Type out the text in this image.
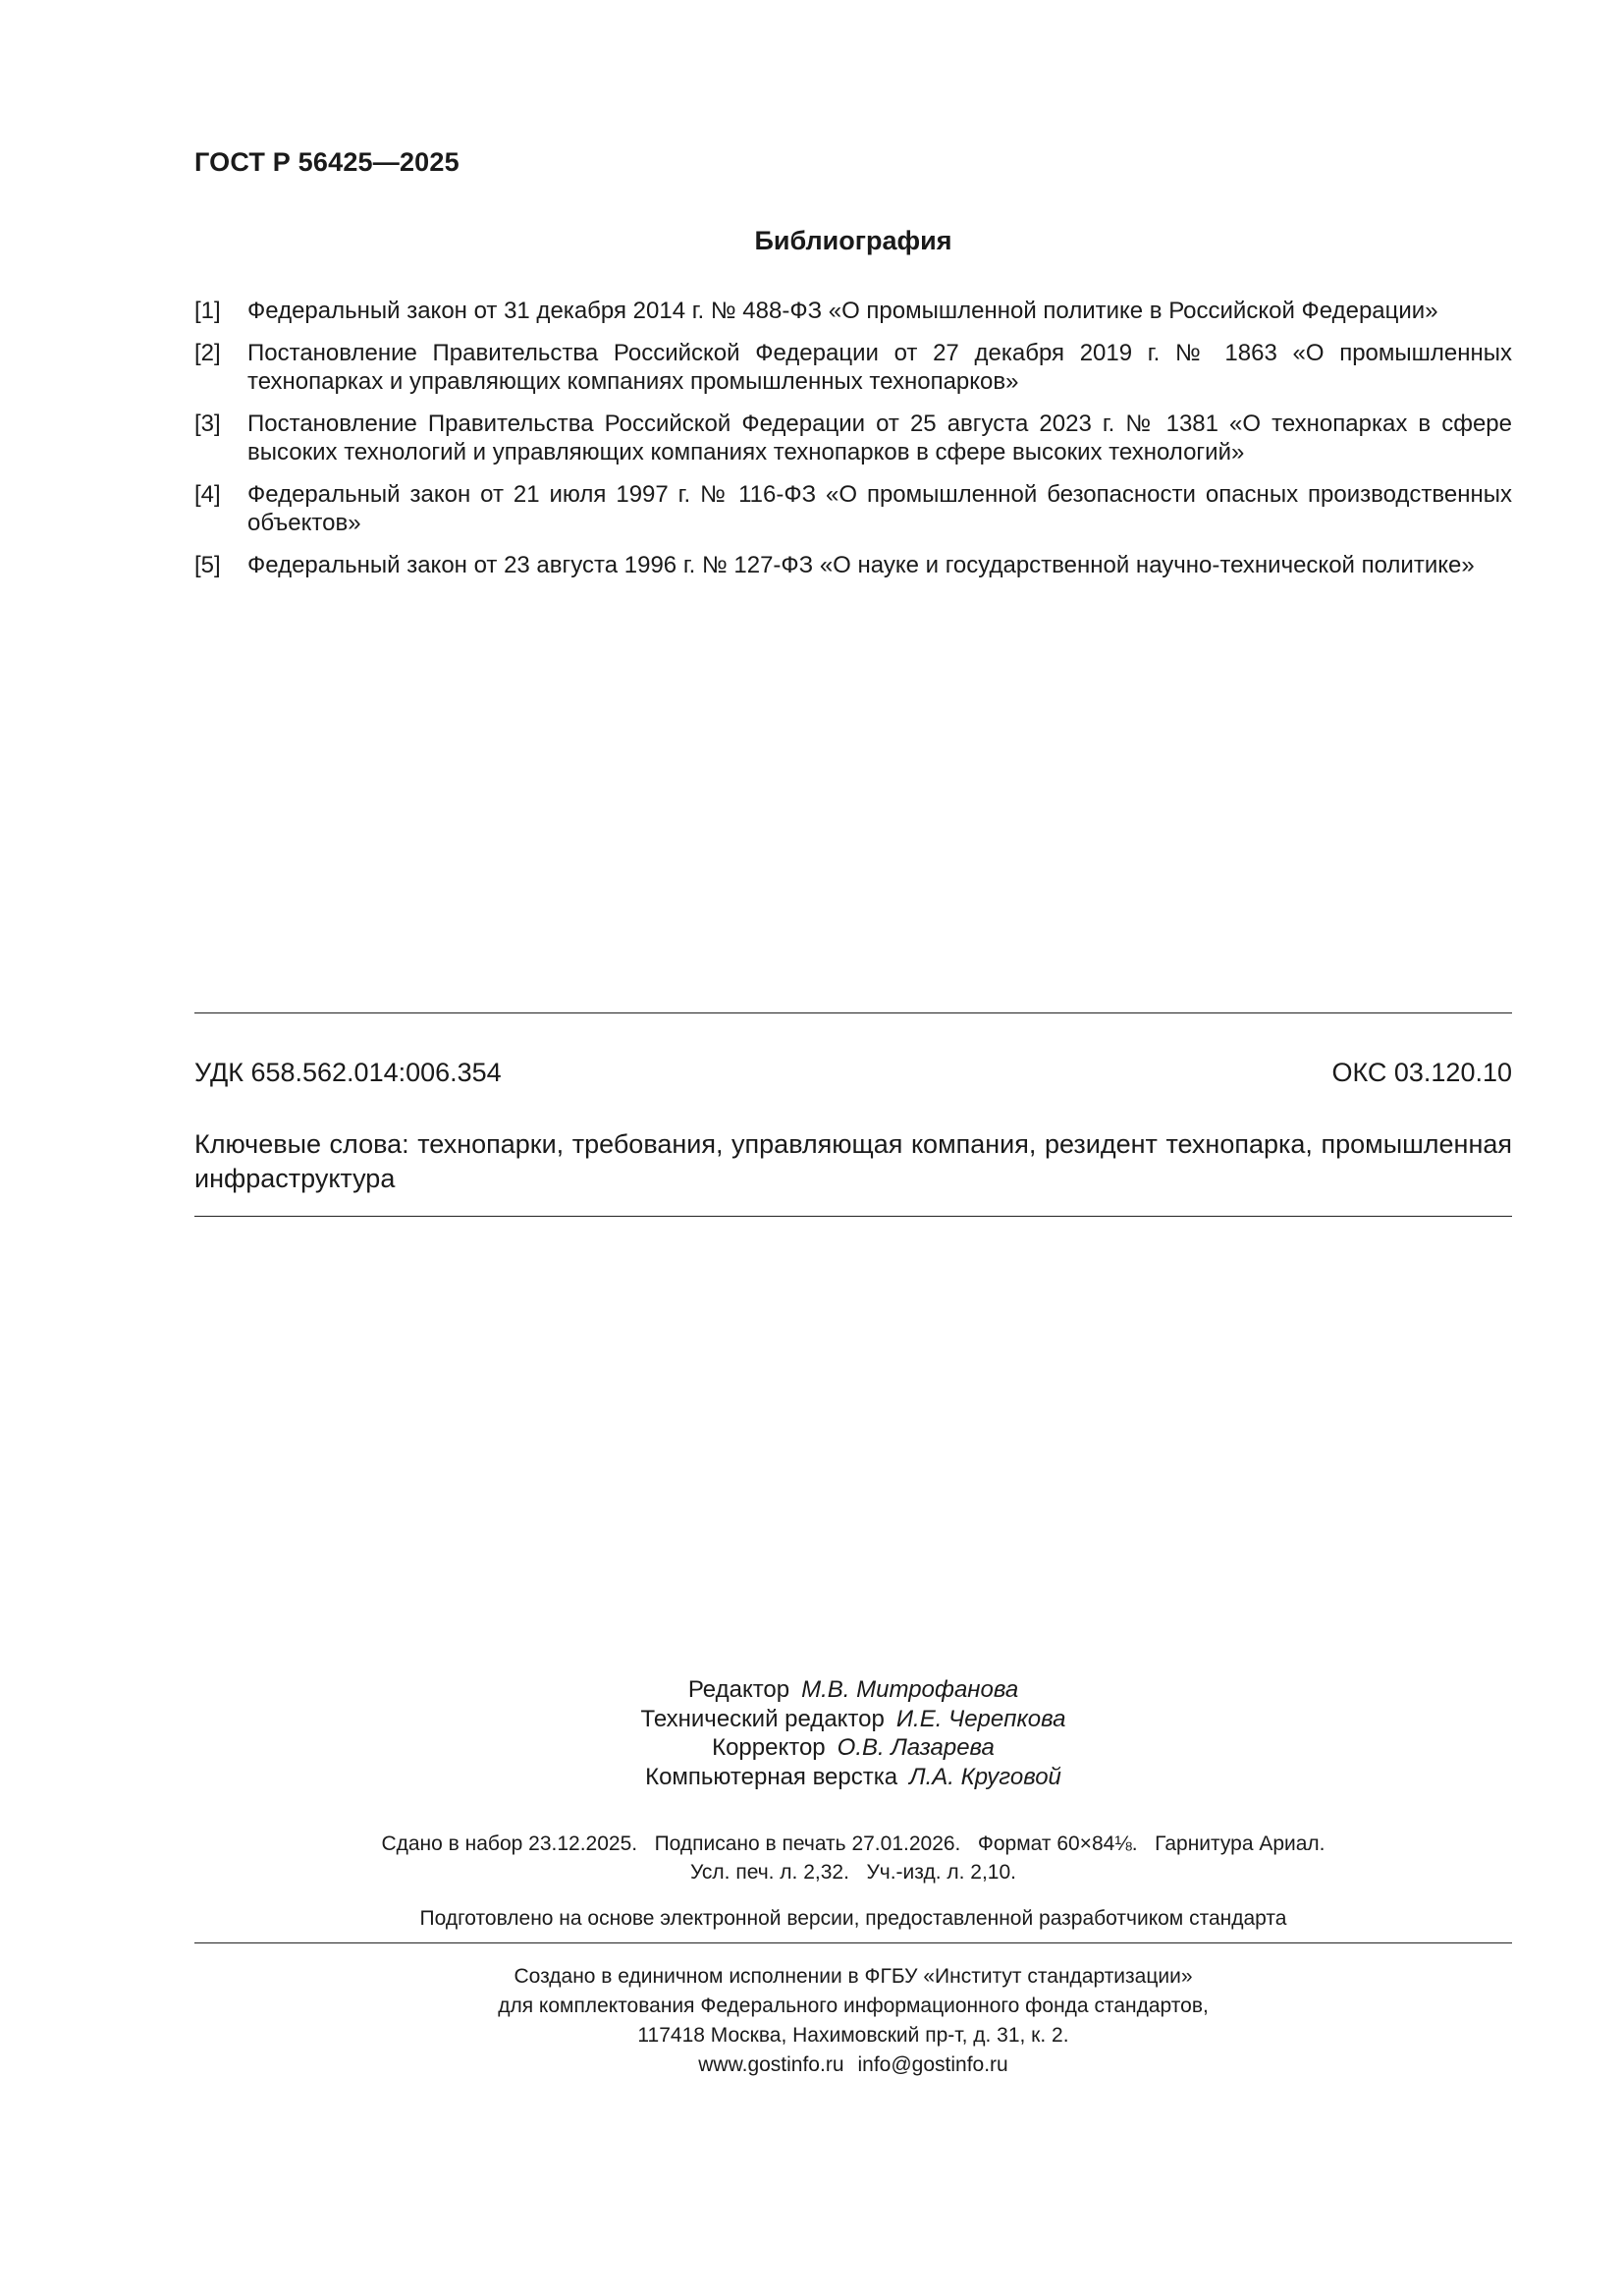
ГОСТ Р 56425—2025
Библиография
[1]	Федеральный закон от 31 декабря 2014 г. № 488-ФЗ «О промышленной политике в Российской Федерации»
[2]	Постановление Правительства Российской Федерации от 27 декабря 2019 г. № 1863 «О промышленных технопарках и управляющих компаниях промышленных технопарков»
[3]	Постановление Правительства Российской Федерации от 25 августа 2023 г. № 1381 «О технопарках в сфере высоких технологий и управляющих компаниях технопарков в сфере высоких технологий»
[4]	Федеральный закон от 21 июля 1997 г. № 116-ФЗ «О промышленной безопасности опасных производственных объектов»
[5]	Федеральный закон от 23 августа 1996 г. № 127-ФЗ «О науке и государственной научно-технической политике»
УДК 658.562.014:006.354	ОКС 03.120.10

Ключевые слова: технопарки, требования, управляющая компания, резидент технопарка, промышленная инфраструктура

Редактор М.В. Митрофанова
Технический редактор И.Е. Черепкова
Корректор О.В. Лазарева
Компьютерная верстка Л.А. Круговой
Сдано в набор 23.12.2025.   Подписано в печать 27.01.2026.   Формат 60×84⅛.   Гарнитура Ариал.
Усл. печ. л. 2,32.   Уч.-изд. л. 2,10.
Подготовлено на основе электронной версии, предоставленной разработчиком стандарта
Создано в единичном исполнении в ФГБУ «Институт стандартизации»
для комплектования Федерального информационного фонда стандартов,
117418 Москва, Нахимовский пр-т, д. 31, к. 2.
www.gostinfo.ru info@gostinfo.ru
